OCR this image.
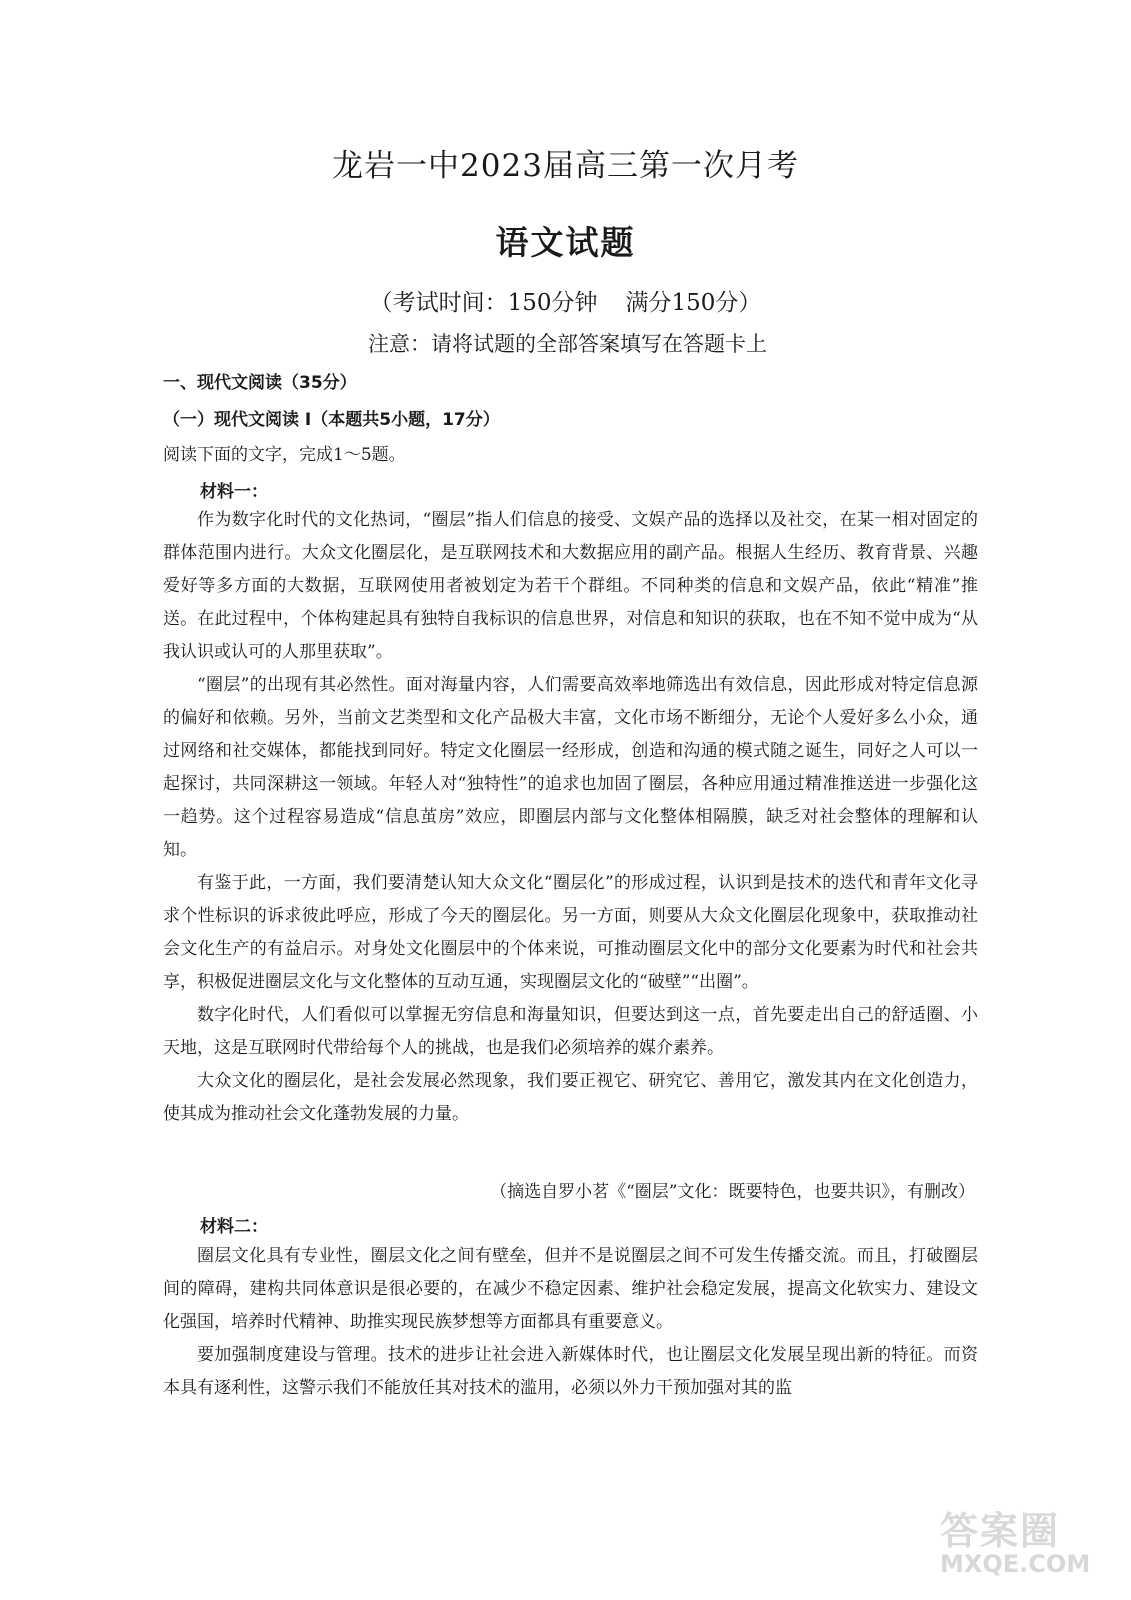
龙岩一中2023届高三第一次月考
语文试题
（考试时间：150分钟 满分150分）
注意：请将试题的全部答案填写在答题卡上
一、现代文阅读（35分）
（一）现代文阅读 I（本题共5小题，17分）
阅读下面的文字，完成1～5题。
材料一：

作为数字化时代的文化热词，“圈层”指人们信息的接受、文娱产品的选择以及社交，在某一相对固定的群体范围内进行。大众文化圈层化，是互联网技术和大数据应用的副产品。根据人生经历、教育背景、兴趣爱好等多方面的大数据，互联网使用者被划定为若干个群组。不同种类的信息和文娱产品，依此“精准”推送。在此过程中，个体构建起具有独特自我标识的信息世界，对信息和知识的获取，也在不知不觉中成为“从我认识或认可的人那里获取”。

“圈层”的出现有其必然性。面对海量内容，人们需要高效率地筛选出有效信息，因此形成对特定信息源的偏好和依赖。另外，当前文艺类型和文化产品极大丰富，文化市场不断细分，无论个人爱好多么小众，通过网络和社交媒体，都能找到同好。特定文化圈层一经形成，创造和沟通的模式随之诞生，同好之人可以一起探讨，共同深耕这一领域。年轻人对“独特性”的追求也加固了圈层，各种应用通过精准推送进一步强化这一趋势。这个过程容易造成“信息茧房”效应，即圈层内部与文化整体相隔膜，缺乏对社会整体的理解和认知。

有鉴于此，一方面，我们要清楚认知大众文化“圈层化”的形成过程，认识到是技术的迭代和青年文化寻求个性标识的诉求彼此呼应，形成了今天的圈层化。另一方面，则要从大众文化圈层化现象中，获取推动社会文化生产的有益启示。对身处文化圈层中的个体来说，可推动圈层文化中的部分文化要素为时代和社会共享，积极促进圈层文化与文化整体的互动互通，实现圈层文化的“破壁”“出圈”。

数字化时代，人们看似可以掌握无穷信息和海量知识，但要达到这一点，首先要走出自己的舒适圈、小天地，这是互联网时代带给每个人的挑战，也是我们必须培养的媒介素养。

大众文化的圈层化，是社会发展必然现象，我们要正视它、研究它、善用它，激发其内在文化创造力，使其成为推动社会文化蓬勃发展的力量。

（摘选自罗小茗《“圈层”文化：既要特色，也要共识》，有删改）
材料二：

圈层文化具有专业性，圈层文化之间有壁垒，但并不是说圈层之间不可发生传播交流。而且，打破圈层间的障碍，建构共同体意识是很必要的，在减少不稳定因素、维护社会稳定发展，提高文化软实力、建设文化强国，培养时代精神、助推实现民族梦想等方面都具有重要意义。

要加强制度建设与管理。技术的进步让社会进入新媒体时代，也让圈层文化发展呈现出新的特征。而资本具有逐利性，这警示我们不能放任其对技术的滥用，必须以外力干预加强对其的监

答案圈
MXQE.COM
